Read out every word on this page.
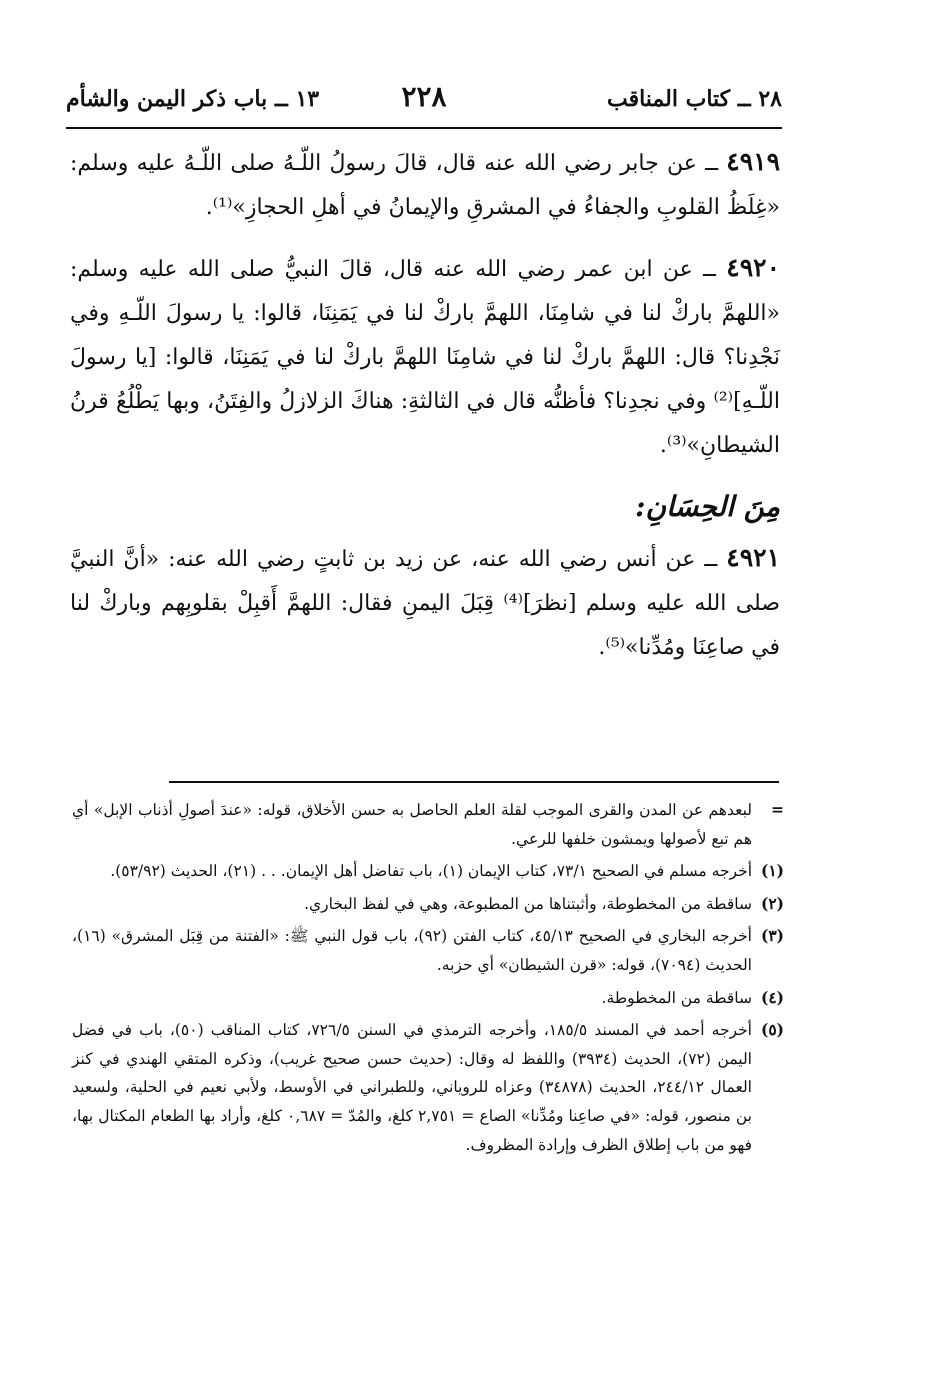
٢٨ ــ كتاب المناقب
٢٢٨
١٣ ــ باب ذكر اليمن والشأم

٤٩١٩ ــ عن جابر رضي الله عنه قال، قالَ رسولُ اللّـهُ صلى اللّـهُ عليه وسلم: «غِلَظُ القلوبِ والجفاءُ في المشرقِ والإيمانُ في أهلِ الحجازِ»⁽¹⁾.

٤٩٢٠ ــ عن ابن عمر رضي الله عنه قال، قالَ النبيُّ صلى الله عليه وسلم: «اللهمَّ باركْ لنا في شامِنَا، اللهمَّ باركْ لنا في يَمَنِنَا، قالوا: يا رسولَ اللّـهِ وفي نَجْدِنا؟ قال: اللهمَّ باركْ لنا في شامِنَا اللهمَّ باركْ لنا في يَمَنِنَا، قالوا: [يا رسولَ اللّـهِ]⁽²⁾ وفي نجدِنا؟ فأظنُّه قال في الثالثةِ: هناكَ الزلازلُ والفِتَنُ، وبها يَطْلُعُ قرنُ الشيطانِ»⁽³⁾.

مِنَ الحِسَانِ:

٤٩٢١ ــ عن أنس رضي الله عنه، عن زيد بن ثابتٍ رضي الله عنه: «أنَّ النبيَّ صلى الله عليه وسلم [نظرَ]⁽⁴⁾ قِبَلَ اليمنِ فقال: اللهمَّ أَقبِلْ بقلوبِهم وباركْ لنا في صاعِنَا ومُدِّنا»⁽⁵⁾.

=
لبعدهم عن المدن والقرى الموجب لقلة العلم الحاصل به حسن الأخلاق، قوله: «عندَ أصولِ أذناب الإبل» أي هم تبع لأصولها ويمشون خلفها للرعي.
(١)
أخرجه مسلم في الصحيح ٧٣/١، كتاب الإيمان (١)، باب تفاضل أهل الإيمان. . . (٢١)، الحديث (٥٣/٩٢).
(٢)
ساقطة من المخطوطة، وأثبتناها من المطبوعة، وهي في لفظ البخاري.
(٣)
أخرجه البخاري في الصحيح ٤٥/١٣، كتاب الفتن (٩٢)، باب قول النبي ﷺ: «الفتنة من قِبَل المشرق» (١٦)، الحديث (٧٠٩٤)، قوله: «قرن الشيطان» أي حزبه.
(٤)
ساقطة من المخطوطة.
(٥)
أخرجه أحمد في المسند ١٨٥/٥، وأخرجه الترمذي في السنن ٧٢٦/٥، كتاب المناقب (٥٠)، باب في فضل اليمن (٧٢)، الحديث (٣٩٣٤) واللفظ له وقال: (حديث حسن صحيح غريب)، وذكره المتقي الهندي في كنز العمال ٢٤٤/١٢، الحديث (٣٤٨٧٨) وعزاه للروياني، وللطبراني في الأوسط، ولأبي نعيم في الحلية، ولسعيد بن منصور، قوله: «في صاعِنا ومُدِّنا» الصاع = ٢,٧٥١ كلغ، والمُدّ = ٠,٦٨٧ كلغ، وأراد بها الطعام المكتال بها، فهو من باب إطلاق الظرف وإرادة المظروف.
